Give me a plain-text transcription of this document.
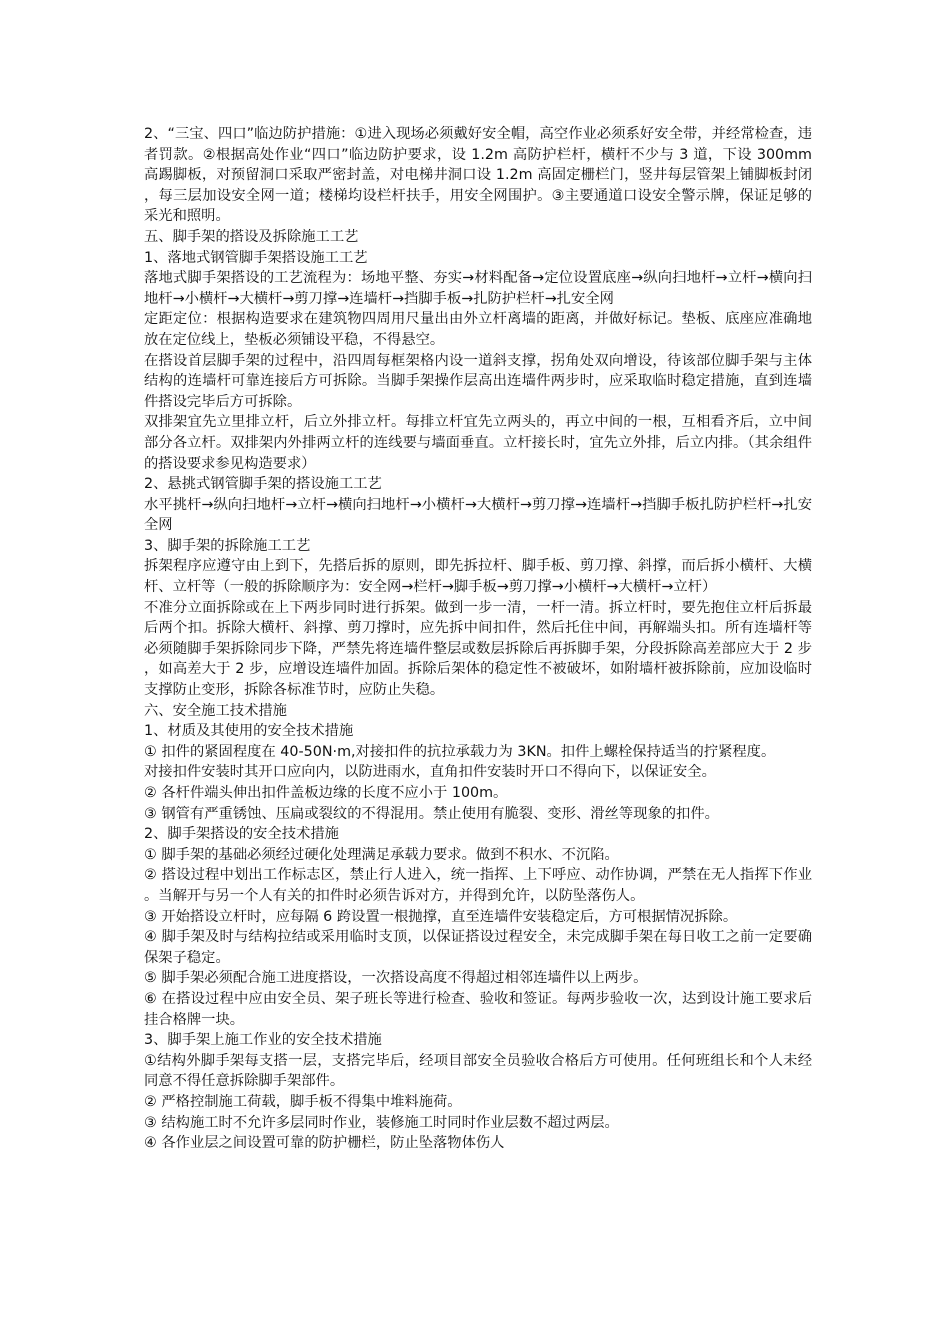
2、“三宝、四口”临边防护措施：①进入现场必须戴好安全帽，高空作业必须系好安全带，并经常检查，违者罚款。②根据高处作业“四口”临边防护要求，设 1.2m 高防护栏杆，横杆不少与 3 道，下设 300mm 高踢脚板，对预留洞口采取严密封盖，对电梯井洞口设 1.2m 高固定栅栏门，竖井每层管架上铺脚板封闭，每三层加设安全网一道；楼梯均设栏杆扶手，用安全网围护。③主要通道口设安全警示牌，保证足够的采光和照明。

五、脚手架的搭设及拆除施工工艺

1、落地式钢管脚手架搭设施工工艺

落地式脚手架搭设的工艺流程为：场地平整、夯实→材料配备→定位设置底座→纵向扫地杆→立杆→横向扫地杆→小横杆→大横杆→剪刀撑→连墙杆→挡脚手板→扎防护栏杆→扎安全网

定距定位：根据构造要求在建筑物四周用尺量出由外立杆离墙的距离，并做好标记。垫板、底座应准确地放在定位线上，垫板必须铺设平稳，不得悬空。

在搭设首层脚手架的过程中，沿四周每框架格内设一道斜支撑，拐角处双向增设，待该部位脚手架与主体结构的连墙杆可靠连接后方可拆除。当脚手架操作层高出连墙件两步时，应采取临时稳定措施，直到连墙件搭设完毕后方可拆除。

双排架宜先立里排立杆，后立外排立杆。每排立杆宜先立两头的，再立中间的一根，互相看齐后，立中间部分各立杆。双排架内外排两立杆的连线要与墙面垂直。立杆接长时，宜先立外排，后立内排。（其余组件的搭设要求参见构造要求）

2、悬挑式钢管脚手架的搭设施工工艺

水平挑杆→纵向扫地杆→立杆→横向扫地杆→小横杆→大横杆→剪刀撑→连墙杆→挡脚手板扎防护栏杆→扎安全网

3、脚手架的拆除施工工艺

拆架程序应遵守由上到下，先搭后拆的原则，即先拆拉杆、脚手板、剪刀撑、斜撑，而后拆小横杆、大横杆、立杆等（一般的拆除顺序为：安全网→栏杆→脚手板→剪刀撑→小横杆→大横杆→立杆）

不准分立面拆除或在上下两步同时进行拆架。做到一步一清，一杆一清。拆立杆时，要先抱住立杆后拆最后两个扣。拆除大横杆、斜撑、剪刀撑时，应先拆中间扣件，然后托住中间，再解端头扣。所有连墙杆等必须随脚手架拆除同步下降，严禁先将连墙件整层或数层拆除后再拆脚手架，分段拆除高差部应大于 2 步，如高差大于 2 步，应增设连墙件加固。拆除后架体的稳定性不被破坏，如附墙杆被拆除前，应加设临时支撑防止变形，拆除各标准节时，应防止失稳。

六、安全施工技术措施

1、材质及其使用的安全技术措施

① 扣件的紧固程度在 40-50N·m,对接扣件的抗拉承载力为 3KN。扣件上螺栓保持适当的拧紧程度。

对接扣件安装时其开口应向内，以防进雨水，直角扣件安装时开口不得向下，以保证安全。

② 各杆件端头伸出扣件盖板边缘的长度不应小于 100m。

③ 钢管有严重锈蚀、压扁或裂纹的不得混用。禁止使用有脆裂、变形、滑丝等现象的扣件。

2、脚手架搭设的安全技术措施

① 脚手架的基础必须经过硬化处理满足承载力要求。做到不积水、不沉陷。

② 搭设过程中划出工作标志区，禁止行人进入，统一指挥、上下呼应、动作协调，严禁在无人指挥下作业。当解开与另一个人有关的扣件时必须告诉对方，并得到允许，以防坠落伤人。

③ 开始搭设立杆时，应每隔 6 跨设置一根抛撑，直至连墙件安装稳定后，方可根据情况拆除。

④ 脚手架及时与结构拉结或采用临时支顶，以保证搭设过程安全，未完成脚手架在每日收工之前一定要确保架子稳定。

⑤ 脚手架必须配合施工进度搭设，一次搭设高度不得超过相邻连墙件以上两步。

⑥ 在搭设过程中应由安全员、架子班长等进行检查、验收和签证。每两步验收一次，达到设计施工要求后挂合格牌一块。

3、脚手架上施工作业的安全技术措施

①结构外脚手架每支搭一层，支搭完毕后，经项目部安全员验收合格后方可使用。任何班组长和个人未经同意不得任意拆除脚手架部件。

② 严格控制施工荷载，脚手板不得集中堆料施荷。

③ 结构施工时不允许多层同时作业，装修施工时同时作业层数不超过两层。

④ 各作业层之间设置可靠的防护栅栏，防止坠落物体伤人
